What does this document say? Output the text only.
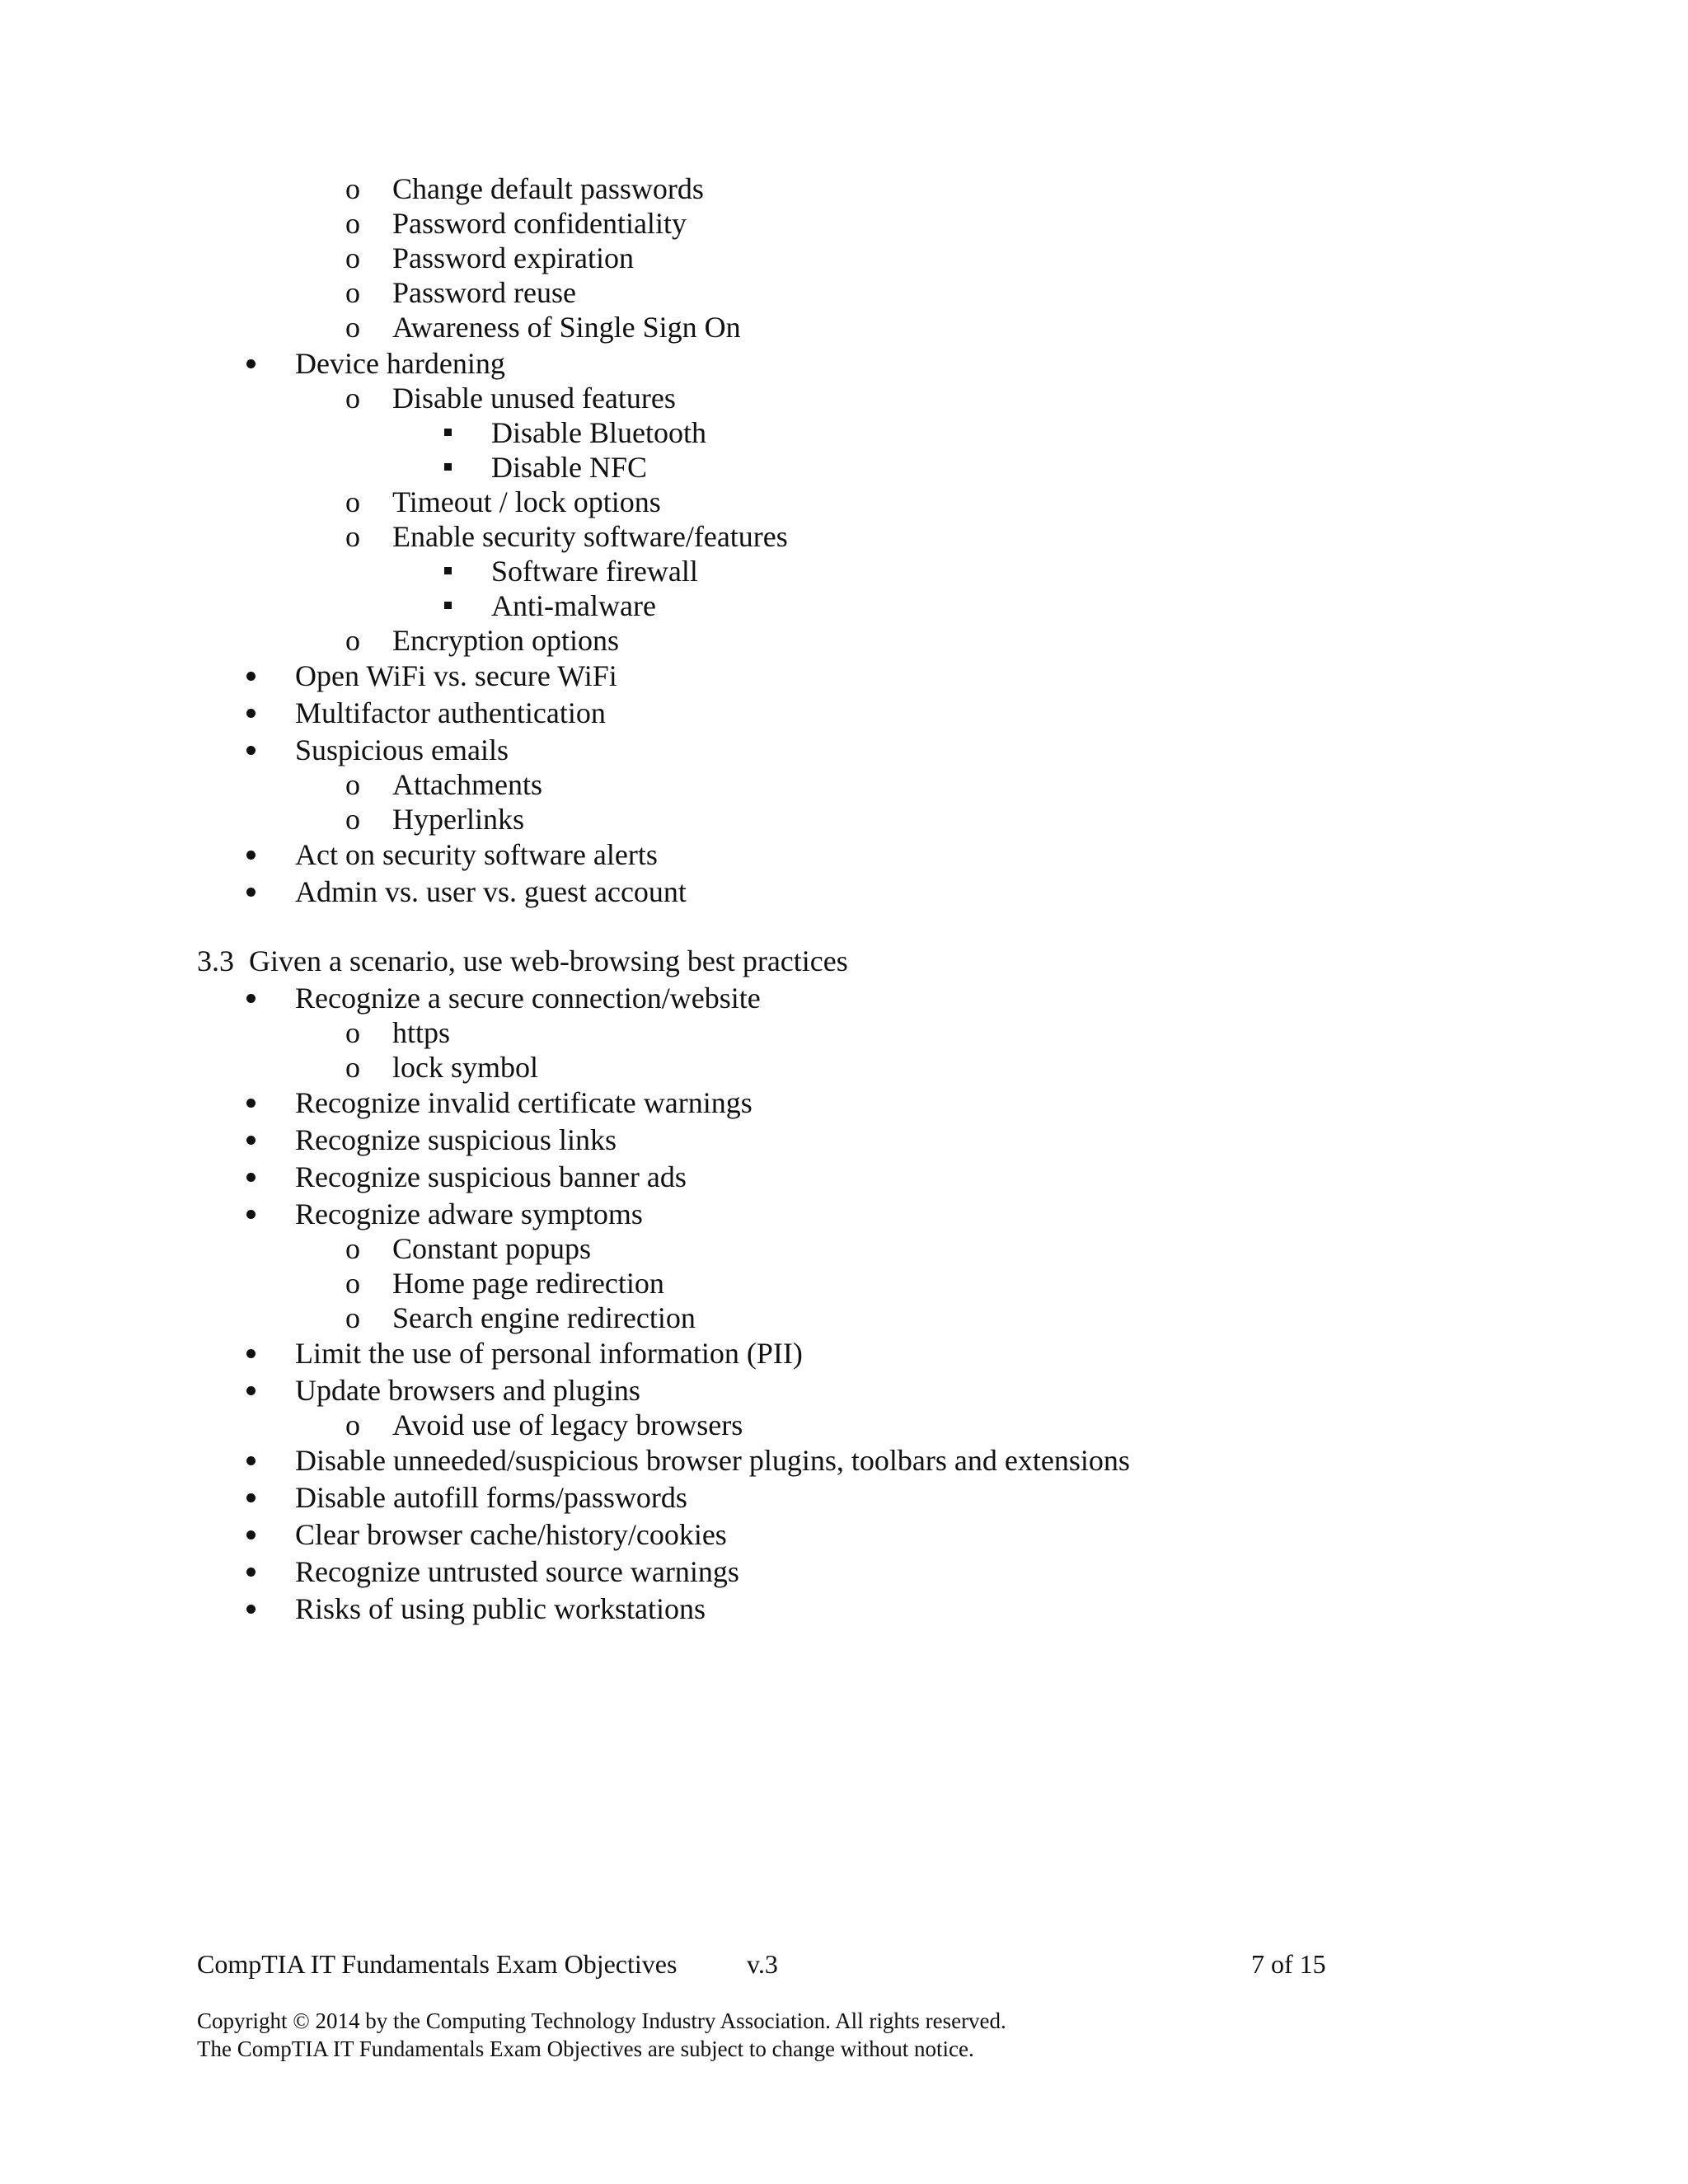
o Change default passwords
o Password confidentiality
o Password expiration
o Password reuse
o Awareness of Single Sign On
Device hardening
o Disable unused features
Disable Bluetooth
Disable NFC
o Timeout / lock options
o Enable security software/features
Software firewall
Anti-malware
o Encryption options
Open WiFi vs. secure WiFi
Multifactor authentication
Suspicious emails
o Attachments
o Hyperlinks
Act on security software alerts
Admin vs. user vs. guest account
3.3 Given a scenario, use web-browsing best practices
Recognize a secure connection/website
o https
o lock symbol
Recognize invalid certificate warnings
Recognize suspicious links
Recognize suspicious banner ads
Recognize adware symptoms
o Constant popups
o Home page redirection
o Search engine redirection
Limit the use of personal information (PII)
Update browsers and plugins
o Avoid use of legacy browsers
Disable unneeded/suspicious browser plugins, toolbars and extensions
Disable autofill forms/passwords
Clear browser cache/history/cookies
Recognize untrusted source warnings
Risks of using public workstations
CompTIA IT Fundamentals Exam Objectives	v.3	7 of 15
Copyright © 2014 by the Computing Technology Industry Association. All rights reserved.
The CompTIA IT Fundamentals Exam Objectives are subject to change without notice.
